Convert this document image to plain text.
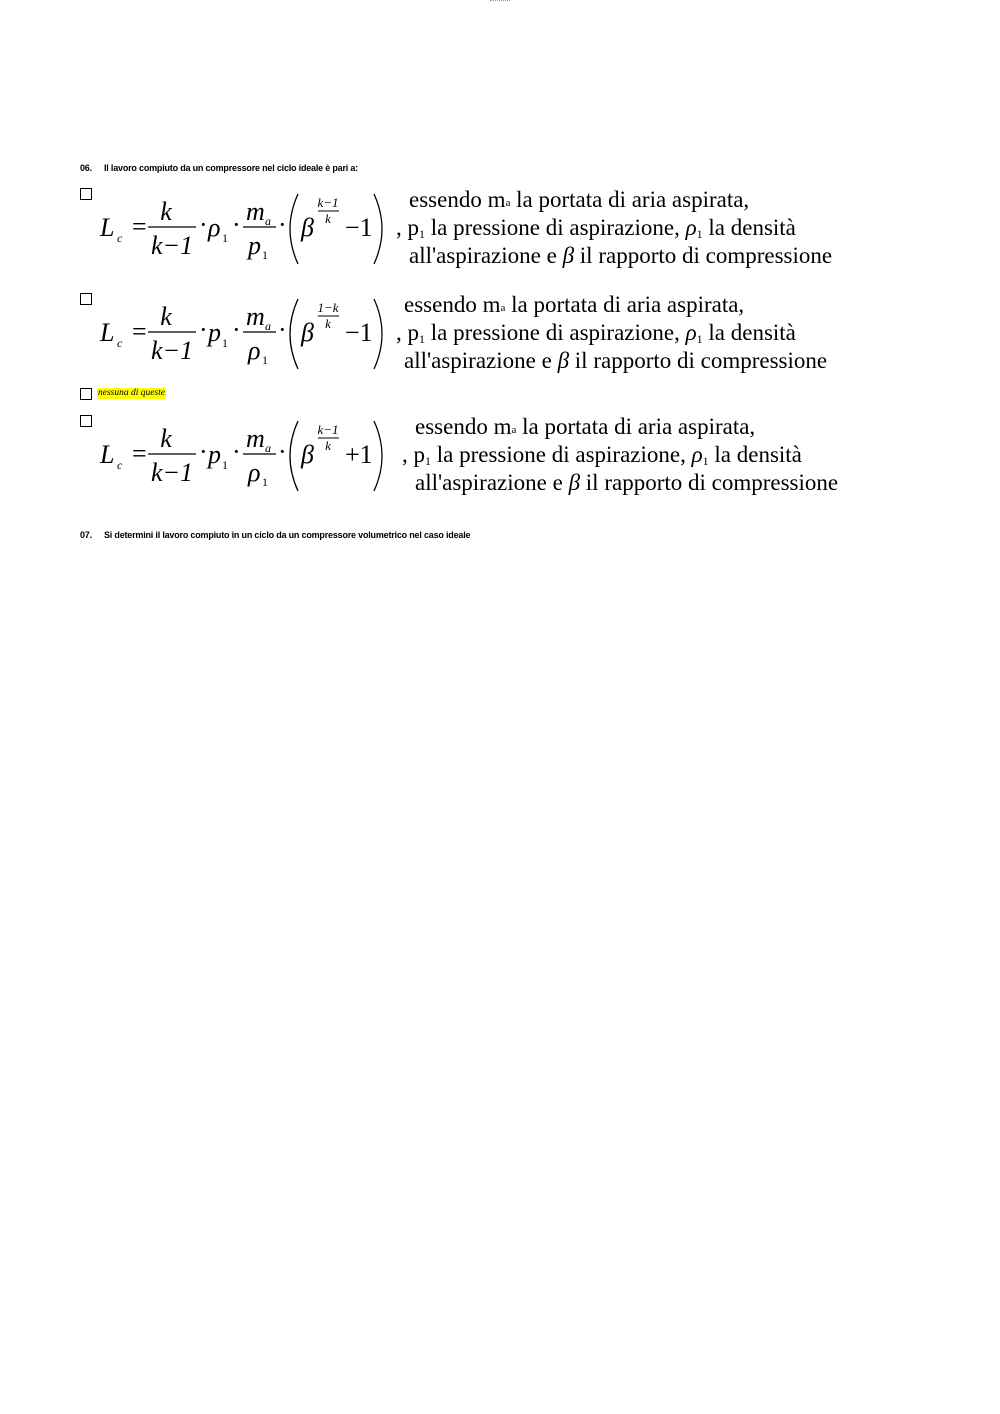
06. Il lavoro compiuto da un compressore nel ciclo ideale è pari a:
L c =
k
k−1
· ρ 1 · m a
p 1
· β
k−1
k −1
essendo ma la portata di aria aspirata,
, $p_1$ la pressione di aspirazione, $\rho_1$ la densità
all'aspirazione e β il rapporto di compressione
L c =
k
k−1
· p 1 · m a
ρ 1
· β
1−k
k −1
essendo ma la portata di aria aspirata,
, $p_1$ la pressione di aspirazione, $\rho_1$ la densità
all'aspirazione e β il rapporto di compressione
nessuna di queste
L c =
k
k−1
· p 1 · m a
ρ 1
· β
k−1
k +1
essendo ma la portata di aria aspirata,
, $p_1$ la pressione di aspirazione, $\rho_1$ la densità
all'aspirazione e β il rapporto di compressione
07. Si determini il lavoro compiuto in un ciclo da un compressore volumetrico nel caso ideale
